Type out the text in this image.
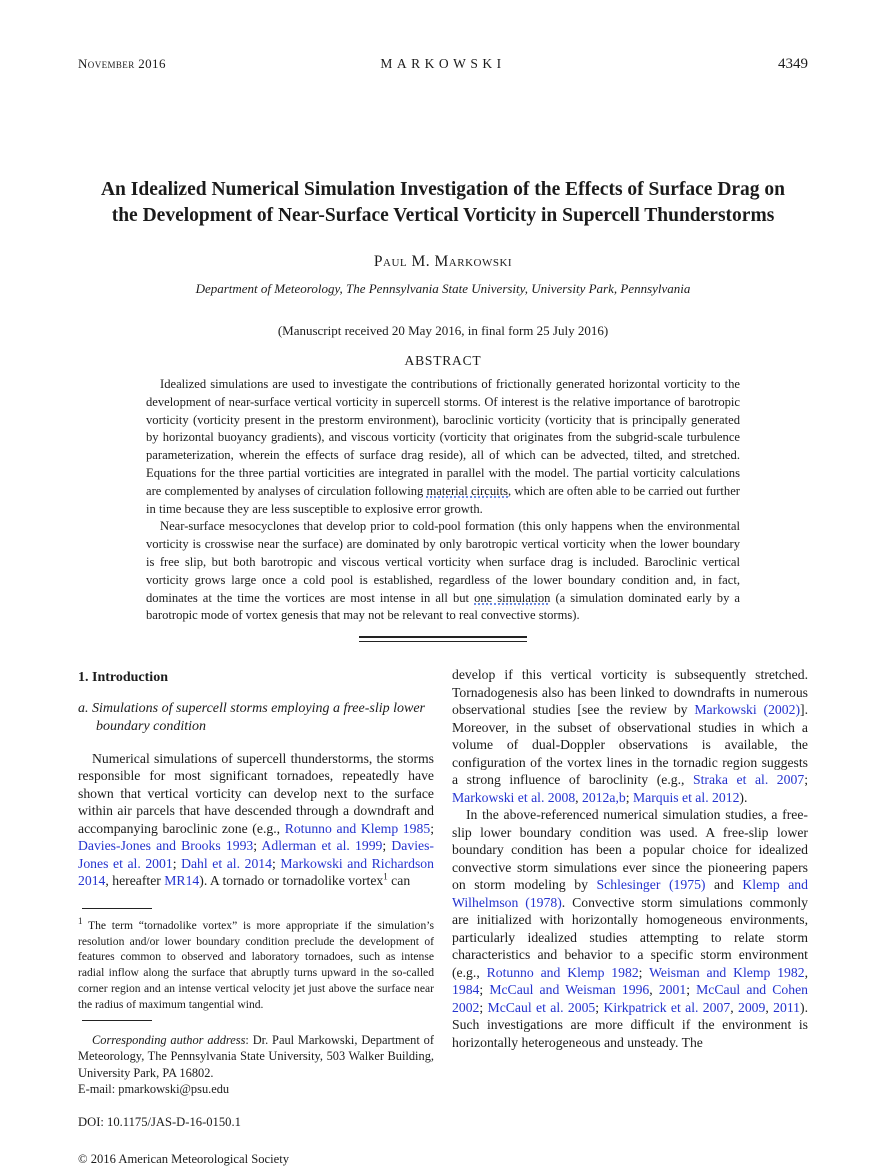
November 2016	MARKOWSKI	4349
An Idealized Numerical Simulation Investigation of the Effects of Surface Drag on the Development of Near-Surface Vertical Vorticity in Supercell Thunderstorms
Paul M. Markowski
Department of Meteorology, The Pennsylvania State University, University Park, Pennsylvania
(Manuscript received 20 May 2016, in final form 25 July 2016)
ABSTRACT

Idealized simulations are used to investigate the contributions of frictionally generated horizontal vorticity to the development of near-surface vertical vorticity in supercell storms. Of interest is the relative importance of barotropic vorticity (vorticity present in the prestorm environment), baroclinic vorticity (vorticity that is principally generated by horizontal buoyancy gradients), and viscous vorticity (vorticity that originates from the subgrid-scale turbulence parameterization, wherein the effects of surface drag reside), all of which can be advected, tilted, and stretched. Equations for the three partial vorticities are integrated in parallel with the model. The partial vorticity calculations are complemented by analyses of circulation following material circuits, which are often able to be carried out further in time because they are less susceptible to explosive error growth.

Near-surface mesocyclones that develop prior to cold-pool formation (this only happens when the environmental vorticity is crosswise near the surface) are dominated by only barotropic vertical vorticity when the lower boundary is free slip, but both barotropic and viscous vertical vorticity when surface drag is included. Baroclinic vertical vorticity grows large once a cold pool is established, regardless of the lower boundary condition and, in fact, dominates at the time the vortices are most intense in all but one simulation (a simulation dominated early by a barotropic mode of vortex genesis that may not be relevant to real convective storms).

1. Introduction
a. Simulations of supercell storms employing a free-slip lower boundary condition

Numerical simulations of supercell thunderstorms, the storms responsible for most significant tornadoes, repeatedly have shown that vertical vorticity can develop next to the surface within air parcels that have descended through a downdraft and accompanying baroclinic zone (e.g., Rotunno and Klemp 1985; Davies-Jones and Brooks 1993; Adlerman et al. 1999; Davies-Jones et al. 2001; Dahl et al. 2014; Markowski and Richardson 2014, hereafter MR14). A tornado or tornadolike vortex$^1$ can

$^1$ The term “tornadolike vortex” is more appropriate if the simulation’s resolution and/or lower boundary condition preclude the development of features common to observed and laboratory tornadoes, such as intense radial inflow along the surface that abruptly turns upward in the so-called corner region and an intense vertical velocity jet just above the surface near the radius of maximum tangential wind.

Corresponding author address: Dr. Paul Markowski, Department of Meteorology, The Pennsylvania State University, 503 Walker Building, University Park, PA 16802.

E-mail: pmarkowski@psu.edu

DOI: 10.1175/JAS-D-16-0150.1

© 2016 American Meteorological Society

develop if this vertical vorticity is subsequently stretched. Tornadogenesis also has been linked to downdrafts in numerous observational studies [see the review by Markowski (2002)]. Moreover, in the subset of observational studies in which a volume of dual-Doppler observations is available, the configuration of the vortex lines in the tornadic region suggests a strong influence of baroclinity (e.g., Straka et al. 2007; Markowski et al. 2008, 2012a,b; Marquis et al. 2012).

In the above-referenced numerical simulation studies, a free-slip lower boundary condition was used. A free-slip lower boundary condition has been a popular choice for idealized convective storm simulations ever since the pioneering papers on storm modeling by Schlesinger (1975) and Klemp and Wilhelmson (1978). Convective storm simulations commonly are initialized with horizontally homogeneous environments, particularly idealized studies attempting to relate storm characteristics and behavior to a specific storm environment (e.g., Rotunno and Klemp 1982; Weisman and Klemp 1982, 1984; McCaul and Weisman 1996, 2001; McCaul and Cohen 2002; McCaul et al. 2005; Kirkpatrick et al. 2007, 2009, 2011). Such investigations are more difficult if the environment is horizontally heterogeneous and unsteady. The
